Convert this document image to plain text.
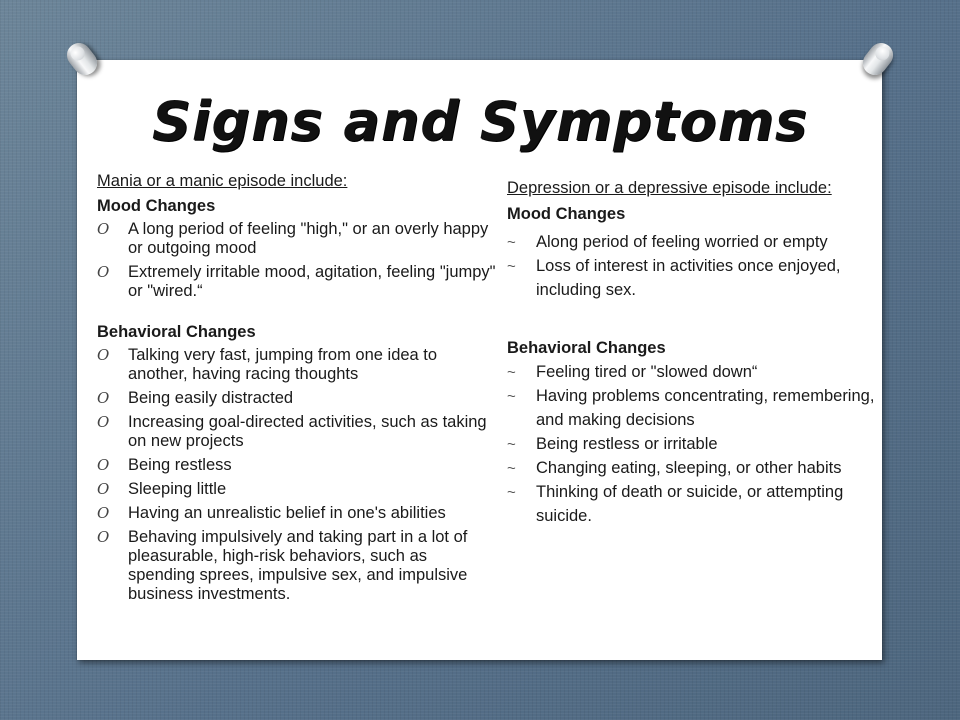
Signs and Symptoms
Mania or a manic episode include:
Mood Changes
O A long period of feeling "high," or an overly happy or outgoing mood
O Extremely irritable mood, agitation, feeling "jumpy" or "wired.“
Behavioral Changes
O Talking very fast, jumping from one idea to another, having racing thoughts
O Being easily distracted
O Increasing goal-directed activities, such as taking on new projects
O Being restless
O Sleeping little
O Having an unrealistic belief in one's abilities
O Behaving impulsively and taking part in a lot of pleasurable, high-risk behaviors, such as spending sprees, impulsive sex, and impulsive business investments.
Depression or a depressive episode include:
Mood Changes
~ Along period of feeling worried or empty
~ Loss of interest in activities once enjoyed, including sex.
Behavioral Changes
~ Feeling tired or "slowed down“
~ Having problems concentrating, remembering, and making decisions
~ Being restless or irritable
~ Changing eating, sleeping, or other habits
~ Thinking of death or suicide, or attempting suicide.
